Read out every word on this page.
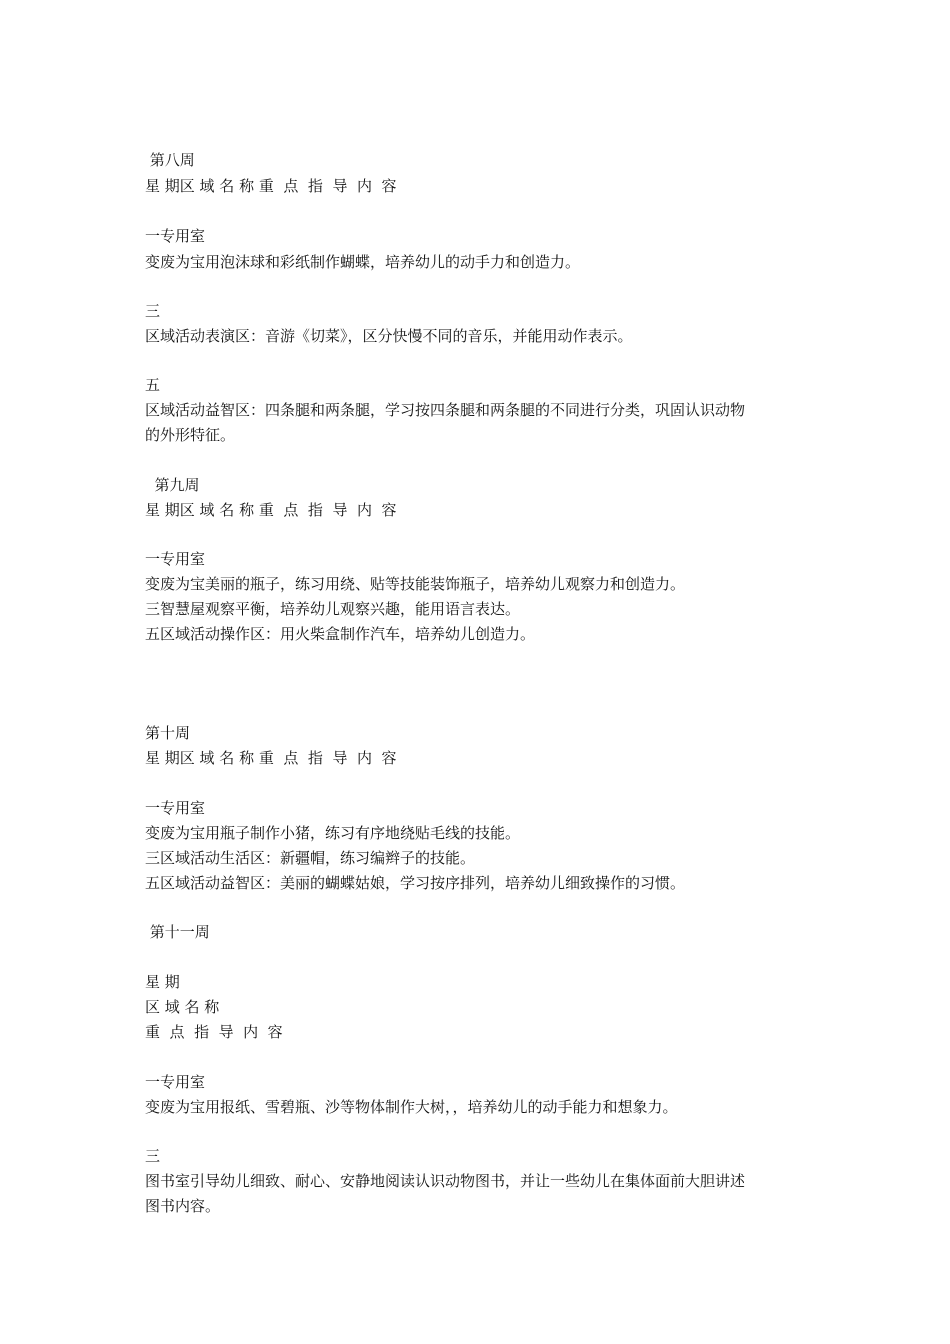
第八周
星 期区 域 名 称 重  点  指  导  内  容
一专用室
变废为宝用泡沫球和彩纸制作蝴蝶，培养幼儿的动手力和创造力。
三
区域活动表演区：音游《切菜》，区分快慢不同的音乐，并能用动作表示。
五
区域活动益智区：四条腿和两条腿，学习按四条腿和两条腿的不同进行分类，巩固认识动物
的外形特征。
第九周
星 期区 域 名 称 重  点  指  导  内  容
一专用室
变废为宝美丽的瓶子，练习用绕、贴等技能装饰瓶子，培养幼儿观察力和创造力。
三智慧屋观察平衡，培养幼儿观察兴趣，能用语言表达。
五区域活动操作区：用火柴盒制作汽车，培养幼儿创造力。
第十周
星 期区 域 名 称 重  点  指  导  内  容
一专用室
变废为宝用瓶子制作小猪，练习有序地绕贴毛线的技能。
三区域活动生活区：新疆帽，练习编辫子的技能。
五区域活动益智区：美丽的蝴蝶姑娘，学习按序排列，培养幼儿细致操作的习惯。
第十一周
星 期
区 域 名 称
重  点  指  导  内  容
一专用室
变废为宝用报纸、雪碧瓶、沙等物体制作大树，，培养幼儿的动手能力和想象力。
三
图书室引导幼儿细致、耐心、安静地阅读认识动物图书，并让一些幼儿在集体面前大胆讲述
图书内容。
